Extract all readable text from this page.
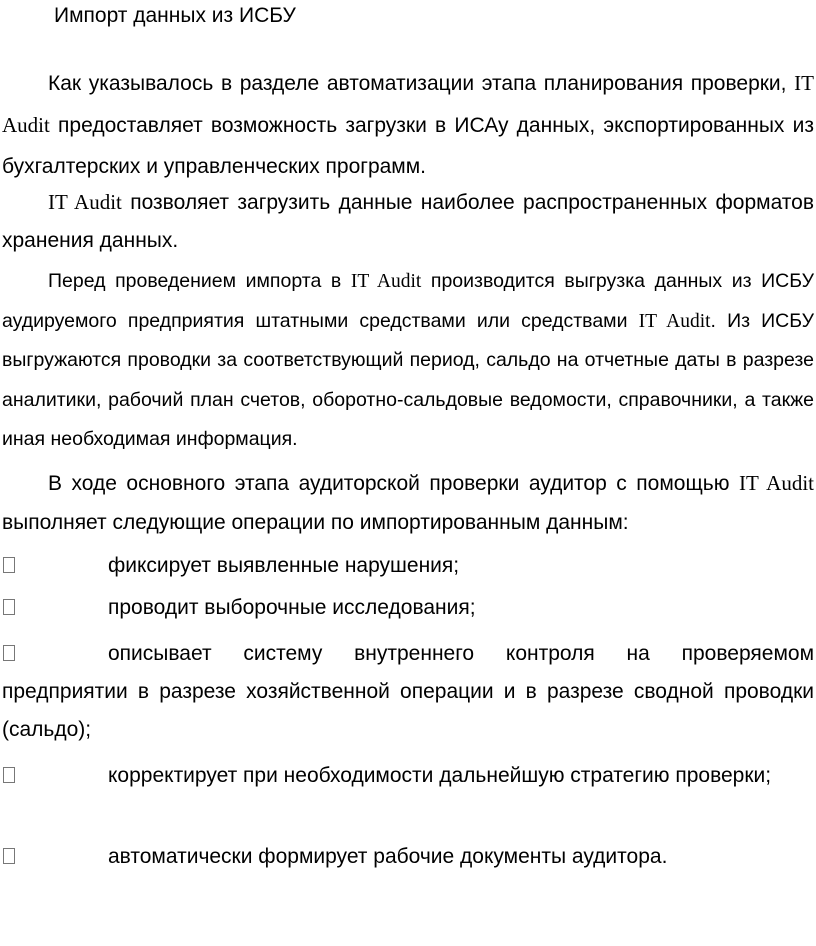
Импорт данных из ИСБУ

Как указывалось в разделе автоматизации этапа планирования проверки, IT Audit предоставляет возможность загрузки в ИСАу данных, экспортированных из бухгалтерских и управленческих программ.

IT Audit позволяет загрузить данные наиболее распространенных форматов хранения данных.

Перед проведением импорта в IT Audit производится выгрузка данных из ИСБУ аудируемого предприятия штатными средствами или средствами IT Audit. Из ИСБУ выгружаются проводки за соответствующий период, сальдо на отчетные даты в разрезе аналитики, рабочий план счетов, оборотно-сальдовые ведомости, справочники, а также иная необходимая информация.

В ходе основного этапа аудиторской проверки аудитор с помощью IT Audit выполняет следующие операции по импортированным данным:

фиксирует выявленные нарушения;

проводит выборочные исследования;

описывает систему внутреннего контроля на проверяемом предприятии в разрезе хозяйственной операции и в разрезе сводной проводки (сальдо);

корректирует при необходимости дальнейшую стратегию проверки;

автоматически формирует рабочие документы аудитора.
